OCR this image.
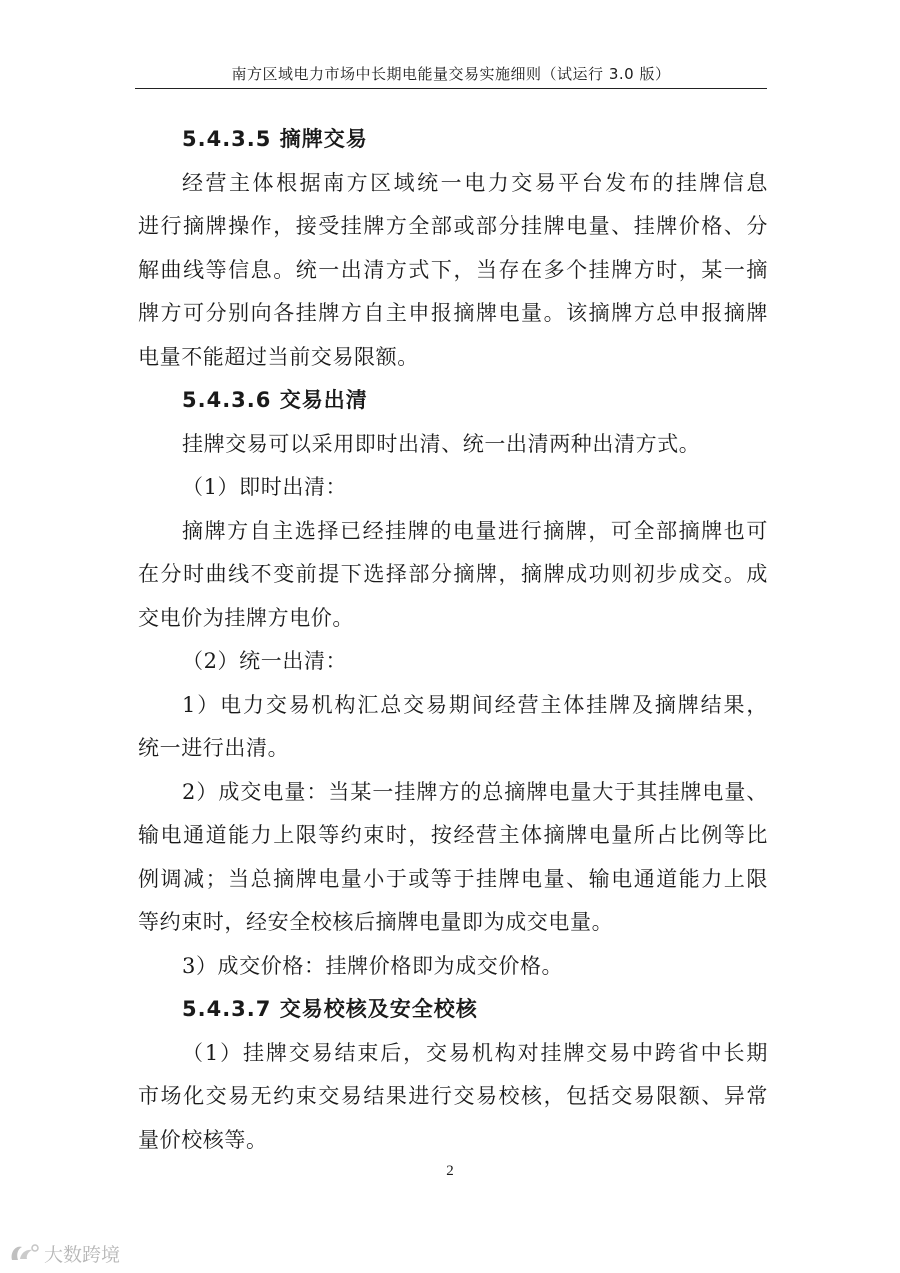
南方区域电力市场中长期电能量交易实施细则（试运行 3.0 版）
5.4.3.5 摘牌交易
经营主体根据南方区域统一电力交易平台发布的挂牌信息
进行摘牌操作，接受挂牌方全部或部分挂牌电量、挂牌价格、分
解曲线等信息。统一出清方式下，当存在多个挂牌方时，某一摘
牌方可分别向各挂牌方自主申报摘牌电量。该摘牌方总申报摘牌
电量不能超过当前交易限额。
5.4.3.6 交易出清
挂牌交易可以采用即时出清、统一出清两种出清方式。
（1）即时出清：
摘牌方自主选择已经挂牌的电量进行摘牌，可全部摘牌也可
在分时曲线不变前提下选择部分摘牌，摘牌成功则初步成交。成
交电价为挂牌方电价。
（2）统一出清：
1）电力交易机构汇总交易期间经营主体挂牌及摘牌结果，
统一进行出清。
2）成交电量：当某一挂牌方的总摘牌电量大于其挂牌电量、
输电通道能力上限等约束时，按经营主体摘牌电量所占比例等比
例调减；当总摘牌电量小于或等于挂牌电量、输电通道能力上限
等约束时，经安全校核后摘牌电量即为成交电量。
3）成交价格：挂牌价格即为成交价格。
5.4.3.7 交易校核及安全校核
（1）挂牌交易结束后，交易机构对挂牌交易中跨省中长期
市场化交易无约束交易结果进行交易校核，包括交易限额、异常
量价校核等。
2
大数跨境
